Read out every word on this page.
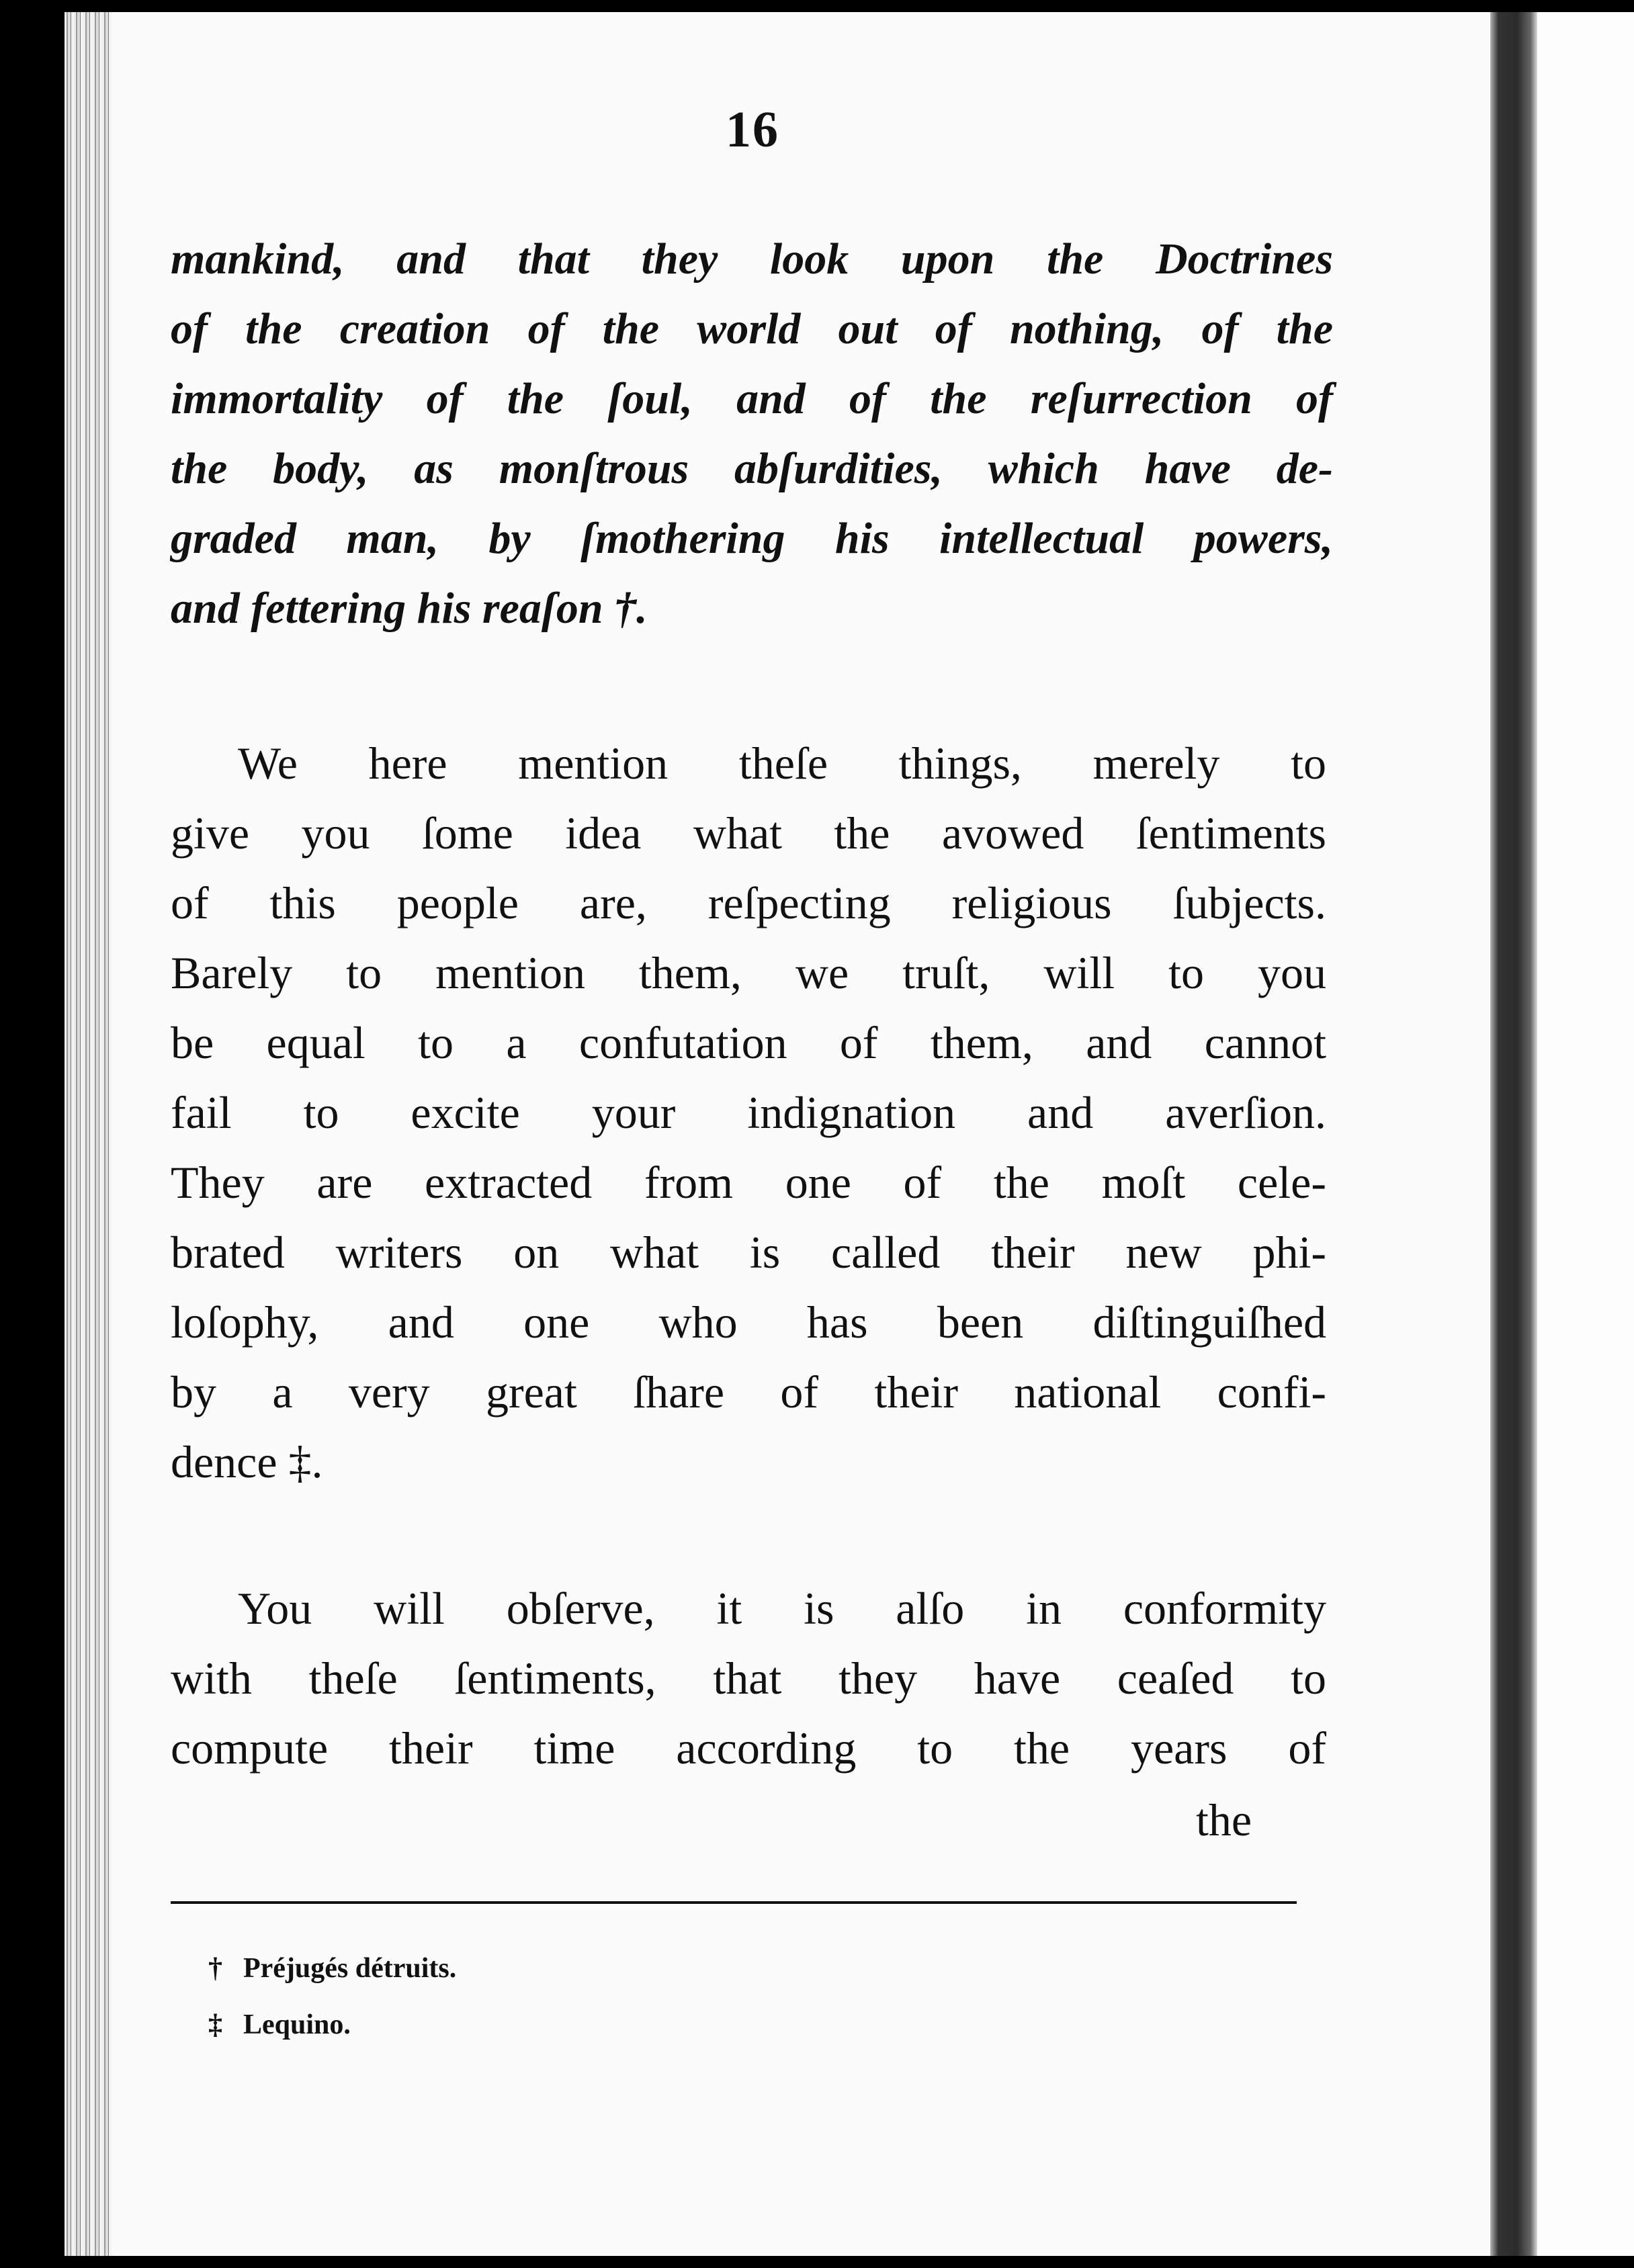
16
mankind, and that they look upon the Doctrines
of the creation of the world out of nothing, of the
immortality of the ſoul, and of the reſurrection of
the body, as monſtrous abſurdities, which have de-
graded man, by ſmothering his intellectual powers,
and fettering his reaſon †.
We here mention theſe things, merely to
give you ſome idea what the avowed ſentiments
of this people are, reſpecting religious ſubjects.
Barely to mention them, we truſt, will to you
be equal to a confutation of them, and cannot
fail to excite your indignation and averſion.
They are extracted from one of the moſt cele-
brated writers on what is called their new phi-
loſophy, and one who has been diſtinguiſhed
by a very great ſhare of their national confi-
dence ‡.
You will obſerve, it is alſo in conformity
with theſe ſentiments, that they have ceaſed to
compute their time according to the years of
the
† Préjugés détruits.
‡ Lequino.
